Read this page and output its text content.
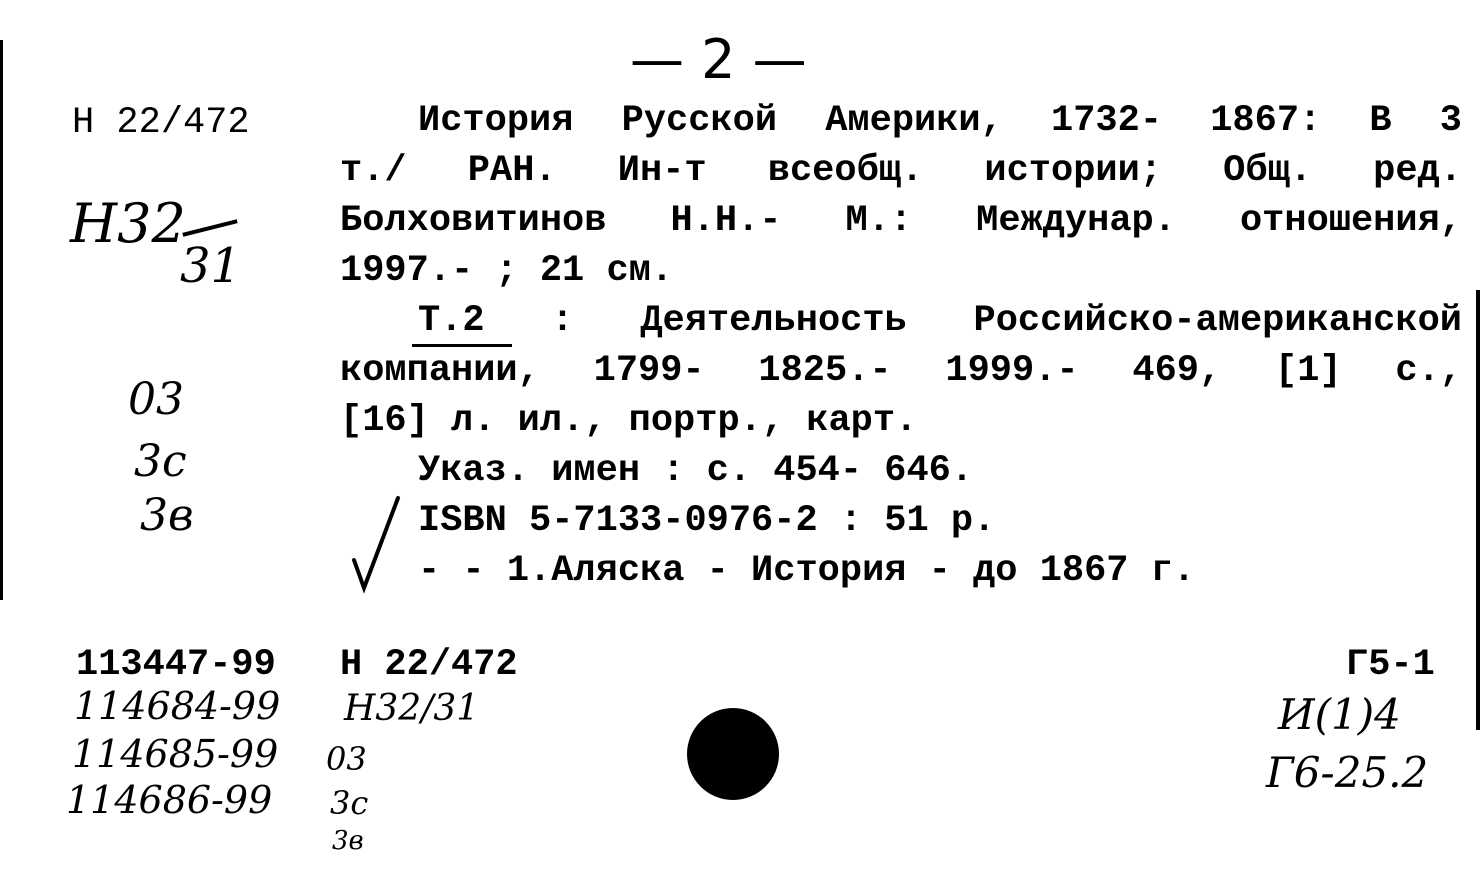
— 2 —
Н 22/472
Н32
31
03
3с
3в
История Русской Америки, 1732- 1867: В 3
т./ РАН. Ин-т всеобщ. истории; Общ. ред.
Болховитинов Н.Н.- М.: Междунар. отношения,
1997.- ; 21 см.
Т.2 : Деятельность Российско-американской
компании, 1799- 1825.- 1999.- 469, [1] с.,
[16] л. ил., портр., карт.
Указ. имен : с. 454- 646.
ISBN 5-7133-0976-2 : 51 р.
- - 1.Аляска - История - до 1867 г.
113447-99
114684-99
114685-99
114686-99
Н 22/472
Н32/31
03
3с
3в
Г5-1
И(1)4
Г6-25.2
